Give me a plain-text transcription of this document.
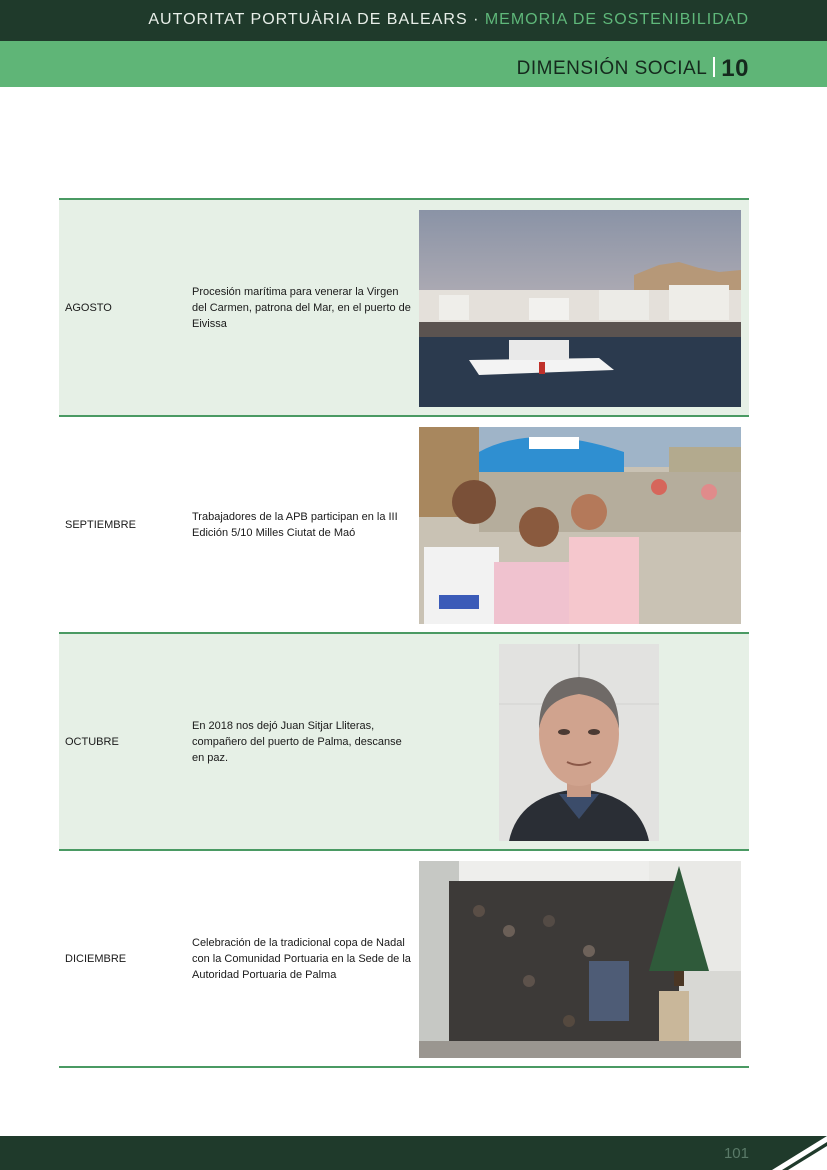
AUTORITAT PORTUÀRIA DE BALEARS · MEMORIA DE SOSTENIBILIDAD
DIMENSIÓN SOCIAL 10
AGOSTO
Procesión marítima para venerar la Virgen del Carmen, patrona del Mar, en el puerto de Eivissa
SEPTIEMBRE
Trabajadores de la APB participan en la III Edición 5/10 Milles Ciutat de Maó
OCTUBRE
En 2018 nos dejó Juan Sitjar Lliteras, compañero del puerto de Palma, descanse en paz.
DICIEMBRE
Celebración de la tradicional copa de Nadal con la Comunidad Portuaria en la Sede de la Autoridad Portuaria de Palma
101
